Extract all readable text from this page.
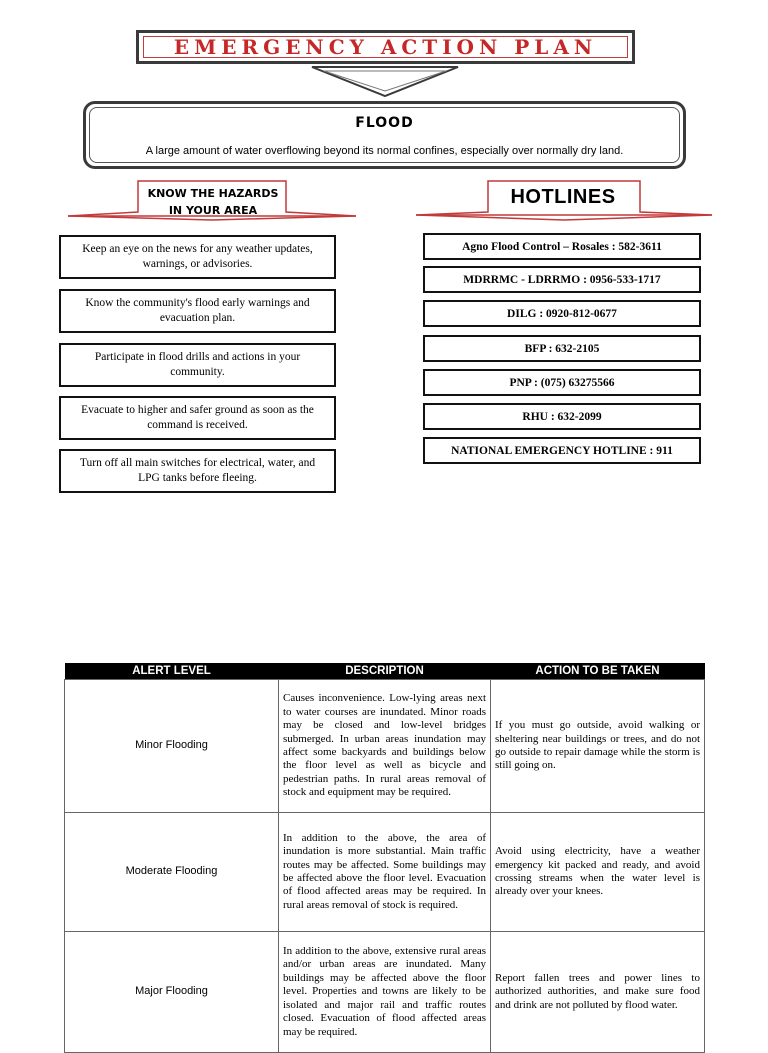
EMERGENCY ACTION PLAN
FLOOD
A large amount of water overflowing beyond its normal confines, especially over normally dry land.
KNOW THE HAZARDS
IN YOUR AREA
HOTLINES
Keep an eye on the news for any weather updates, warnings, or advisories.
Know the community's flood early warnings and evacuation plan.
Participate in flood drills and actions in your community.
Evacuate to higher and safer ground as soon as the command is received.
Turn off all main switches for electrical, water, and LPG tanks before fleeing.
Agno Flood Control – Rosales : 582-3611
MDRRMC - LDRRMO : 0956-533-1717
DILG : 0920-812-0677
BFP : 632-2105
PNP : (075) 63275566
RHU : 632-2099
NATIONAL EMERGENCY HOTLINE : 911
ALERT LEVEL	DESCRIPTION	ACTION TO BE TAKEN
Minor Flooding	Causes inconvenience. Low-lying areas next to water courses are inundated. Minor roads may be closed and low-level bridges submerged. In urban areas inundation may affect some backyards and buildings below the floor level as well as bicycle and pedestrian paths. In rural areas removal of stock and equipment may be required.	If you must go outside, avoid walking or sheltering near buildings or trees, and do not go outside to repair damage while the storm is still going on.
Moderate Flooding	In addition to the above, the area of inundation is more substantial. Main traffic routes may be affected. Some buildings may be affected above the floor level. Evacuation of flood affected areas may be required. In rural areas removal of stock is required.	Avoid using electricity, have a weather emergency kit packed and ready, and avoid crossing streams when the water level is already over your knees.
Major Flooding	In addition to the above, extensive rural areas and/or urban areas are inundated. Many buildings may be affected above the floor level. Properties and towns are likely to be isolated and major rail and traffic routes closed. Evacuation of flood affected areas may be required.	Report fallen trees and power lines to authorized authorities, and make sure food and drink are not polluted by flood water.
